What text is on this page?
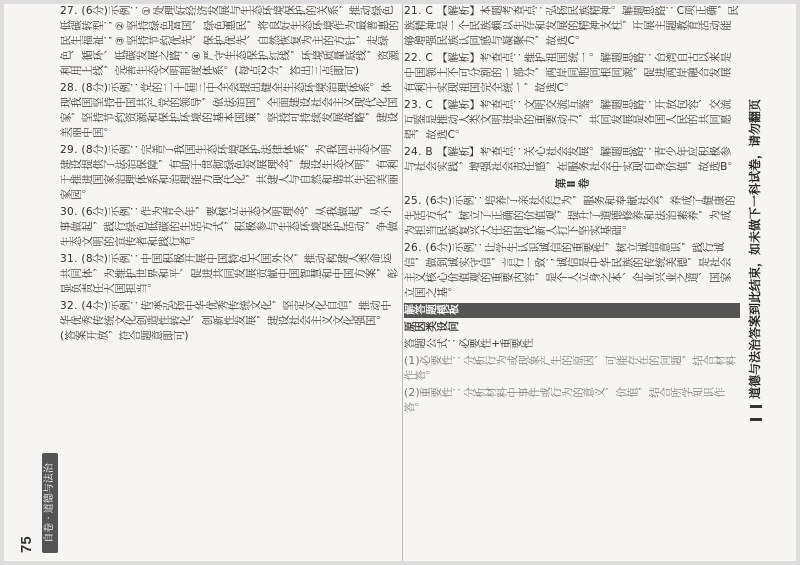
75
自卷 · 道德与法治

27. (6分)示例：①处理好经济发展与生态环境保护的关系，推动绿色低碳转型；②坚持绿色富国、绿色惠民，将良好生态环境作为最普惠的民生福祉；③坚持节约优先、保护优先、自然恢复为主的方针，走绿色、循环、低碳发展之路；④严守生态保护红线，环境质量底线，资源利用上线，完善生态文明制度体系。(每点2分，答出三点即可)

28. (8分)示例：党的二十届三中全会提出健全生态环境治理体系。体现我国坚持中国共产党的领导，依法治国，全面建设社会主义现代化国家，坚持节约资源和保护环境的基本国策，坚持可持续发展战略，建设美丽中国。

29. (8分)示例：完善了我国生态环境保护法律体系，为我国生态文明建设提供了法治保障，有助于贯彻绿色发展理念，建设生态文明，有利于推进国家治理体系和治理能力现代化，共建人与自然和谐共生的美丽家园。

30. (6分)示例：作为青少年，要树立生态文明理念，从我做起，从小事做起，践行绿色低碳的生活方式，积极参与生态环境保护活动，争做生态文明的宣传者和践行者。

31. (8分)示例：中国积极开展中国特色大国外交，推动构建人类命运共同体，为维护世界和平、促进共同发展贡献中国智慧和中国方案，彰显负责任大国担当。

32. (4分)示例：传承弘扬中华优秀传统文化，坚定文化自信，推动中华优秀传统文化创造性转化、创新性发展，建设社会主义文化强国。(答案开放，符合题意即可)

21. C 【解析】本题考查点：弘扬民族精神。解题思路：C项正确，民族精神是一个民族赖以生存和发展的精神支柱，开展主题教育活动能够增强民族认同感与凝聚力，故选C。

22. C 【解析】考查点：维护祖国统一。解题思路：台湾自古以来是中国领土不可分割的一部分，两岸同胞同根同源，促进两岸融合发展有利于实现祖国完全统一，故选C。

23. C 【解析】考查点：文明交流互鉴。解题思路：开放包容、交流互鉴是推动人类文明进步的重要动力，共同发展是各国人民的共同愿望，故选C。

24. B 【解析】考查点：关心社会发展。解题思路：青少年应积极参与社会实践，增强社会责任感，在服务社会中实现自身价值，故选B。

第Ⅱ卷

25. (6分)示例：培养了亲社会行为，服务和奉献社会，养成了健康的生活方式，树立了正确的价值观，提升了道德修养和法治素养，为成为担当民族复兴大任的时代新人打下坚实基础。

26. (6分)示例：让学生认识诚信的重要性，树立诚信意识，践行诚信，做到诚实守信，言行一致；诚信是中华民族的传统美德，是社会主义核心价值观的重要内容，是个人立身之本、企业兴业之道、国家立国之基。

解答题模板

原因类设问

答题公式：必要性+重要性

(1)必要性：分析行为或现象产生的原因、可能存在的问题，结合材料作答。

(2)重要性：分析材料中事件或行为的意义、价值，结合所学知识作答。

道德与法治答案到此结束，如未做下一科试卷，请勿翻页
